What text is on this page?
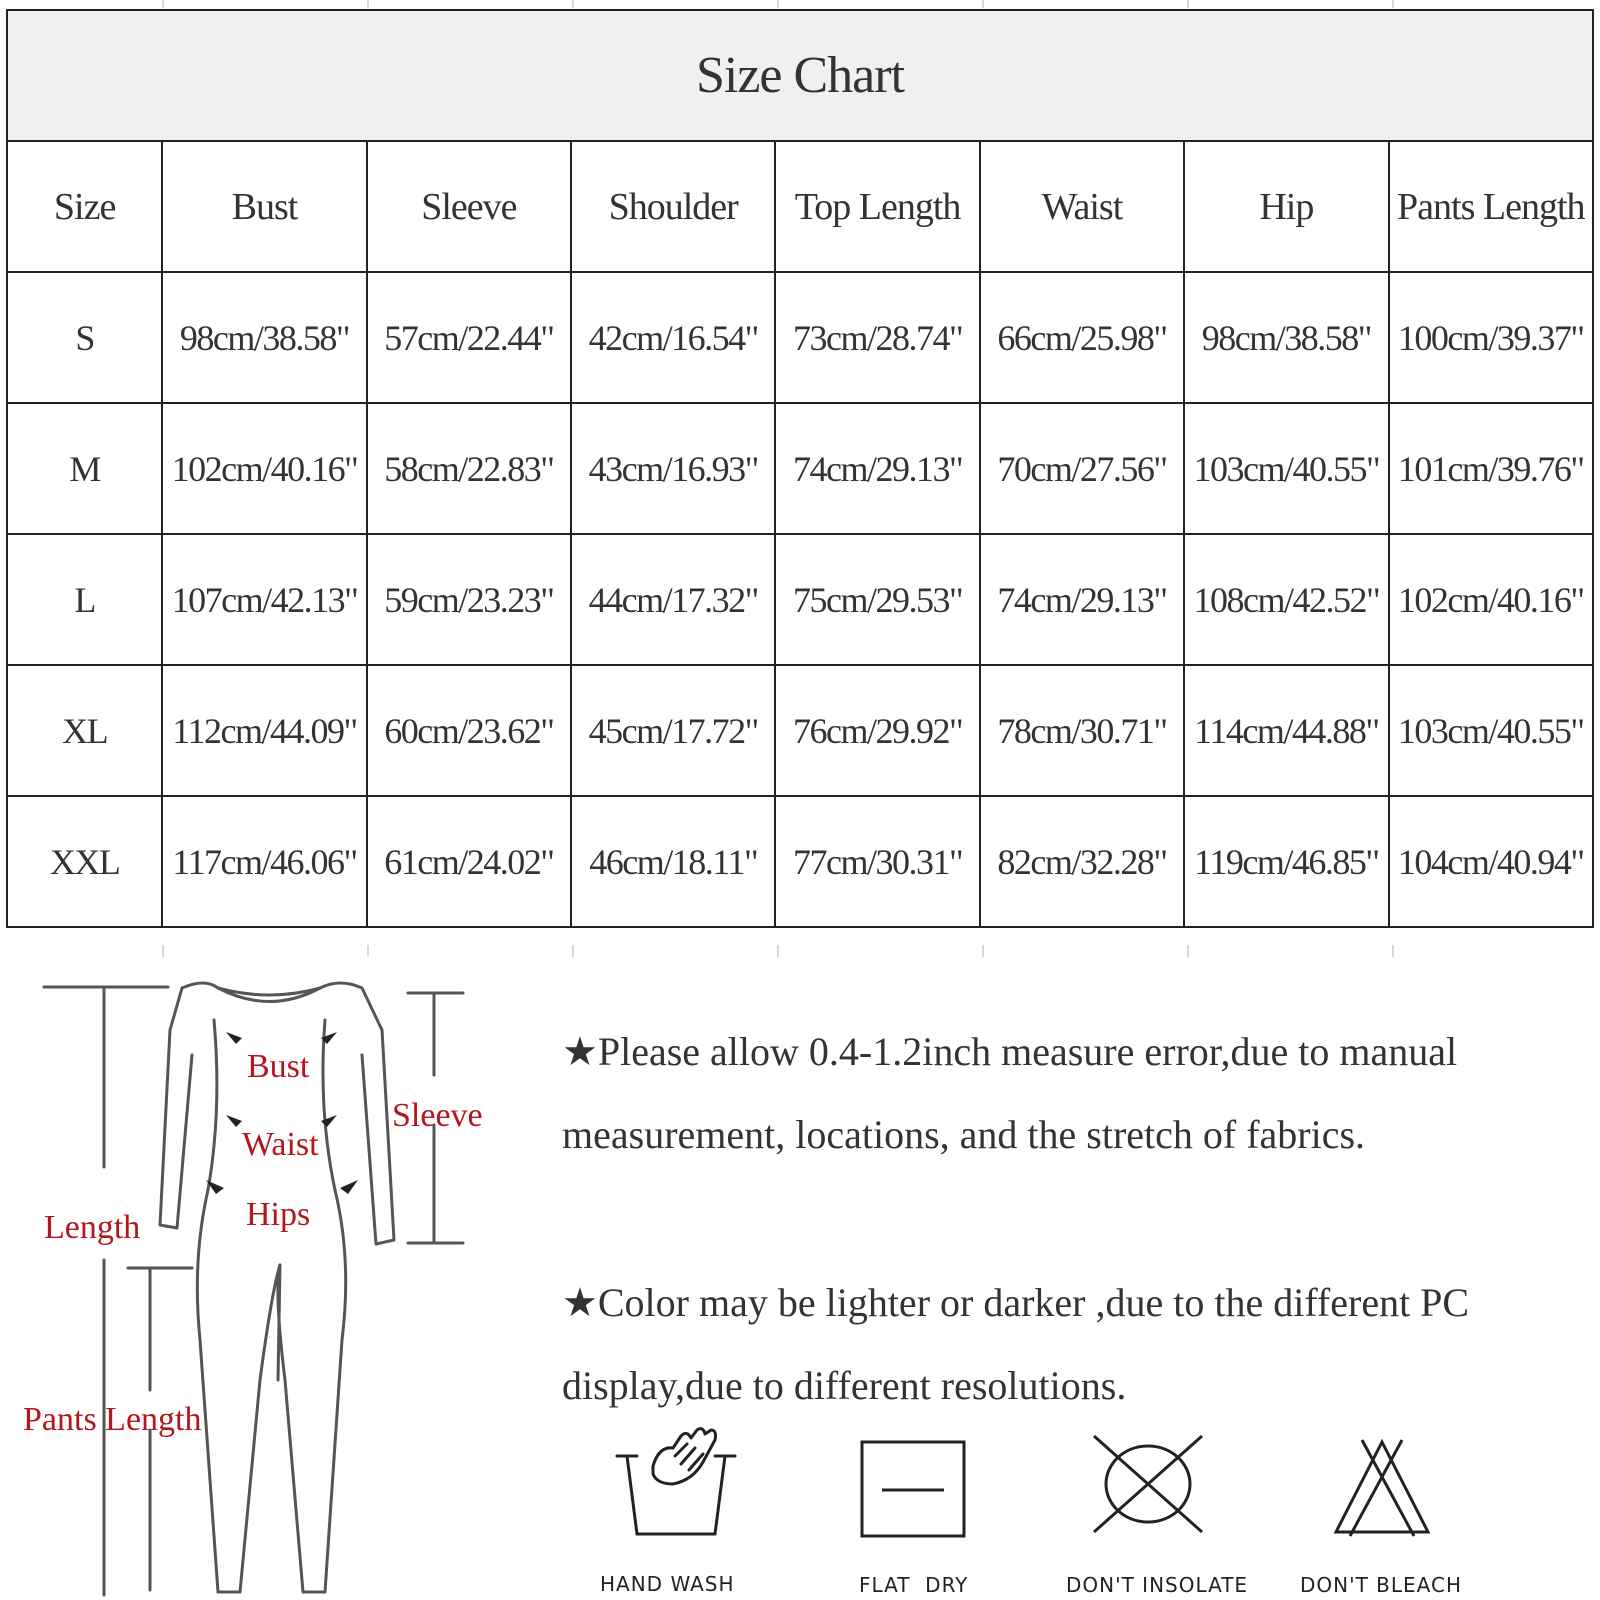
Size Chart							
Size	Bust	Sleeve	Shoulder	Top Length	Waist	Hip	Pants Length
S	98cm/38.58"	57cm/22.44"	42cm/16.54"	73cm/28.74"	66cm/25.98"	98cm/38.58"	100cm/39.37"
M	102cm/40.16"	58cm/22.83"	43cm/16.93"	74cm/29.13"	70cm/27.56"	103cm/40.55"	101cm/39.76"
L	107cm/42.13"	59cm/23.23"	44cm/17.32"	75cm/29.53"	74cm/29.13"	108cm/42.52"	102cm/40.16"
XL	112cm/44.09"	60cm/23.62"	45cm/17.72"	76cm/29.92"	78cm/30.71"	114cm/44.88"	103cm/40.55"
XXL	117cm/46.06"	61cm/24.02"	46cm/18.11"	77cm/30.31"	82cm/32.28"	119cm/46.85"	104cm/40.94"
Bust
Waist
Hips
Sleeve
Length
Pants Length
★Please allow 0.4-1.2inch measure error,due to manual measurement, locations, and the stretch of fabrics.
★Color may be lighter or darker ,due to the different PC display,due to different resolutions.
HAND WASH	FLAT  DRY	DON'T INSOLATE	DON'T BLEACH
